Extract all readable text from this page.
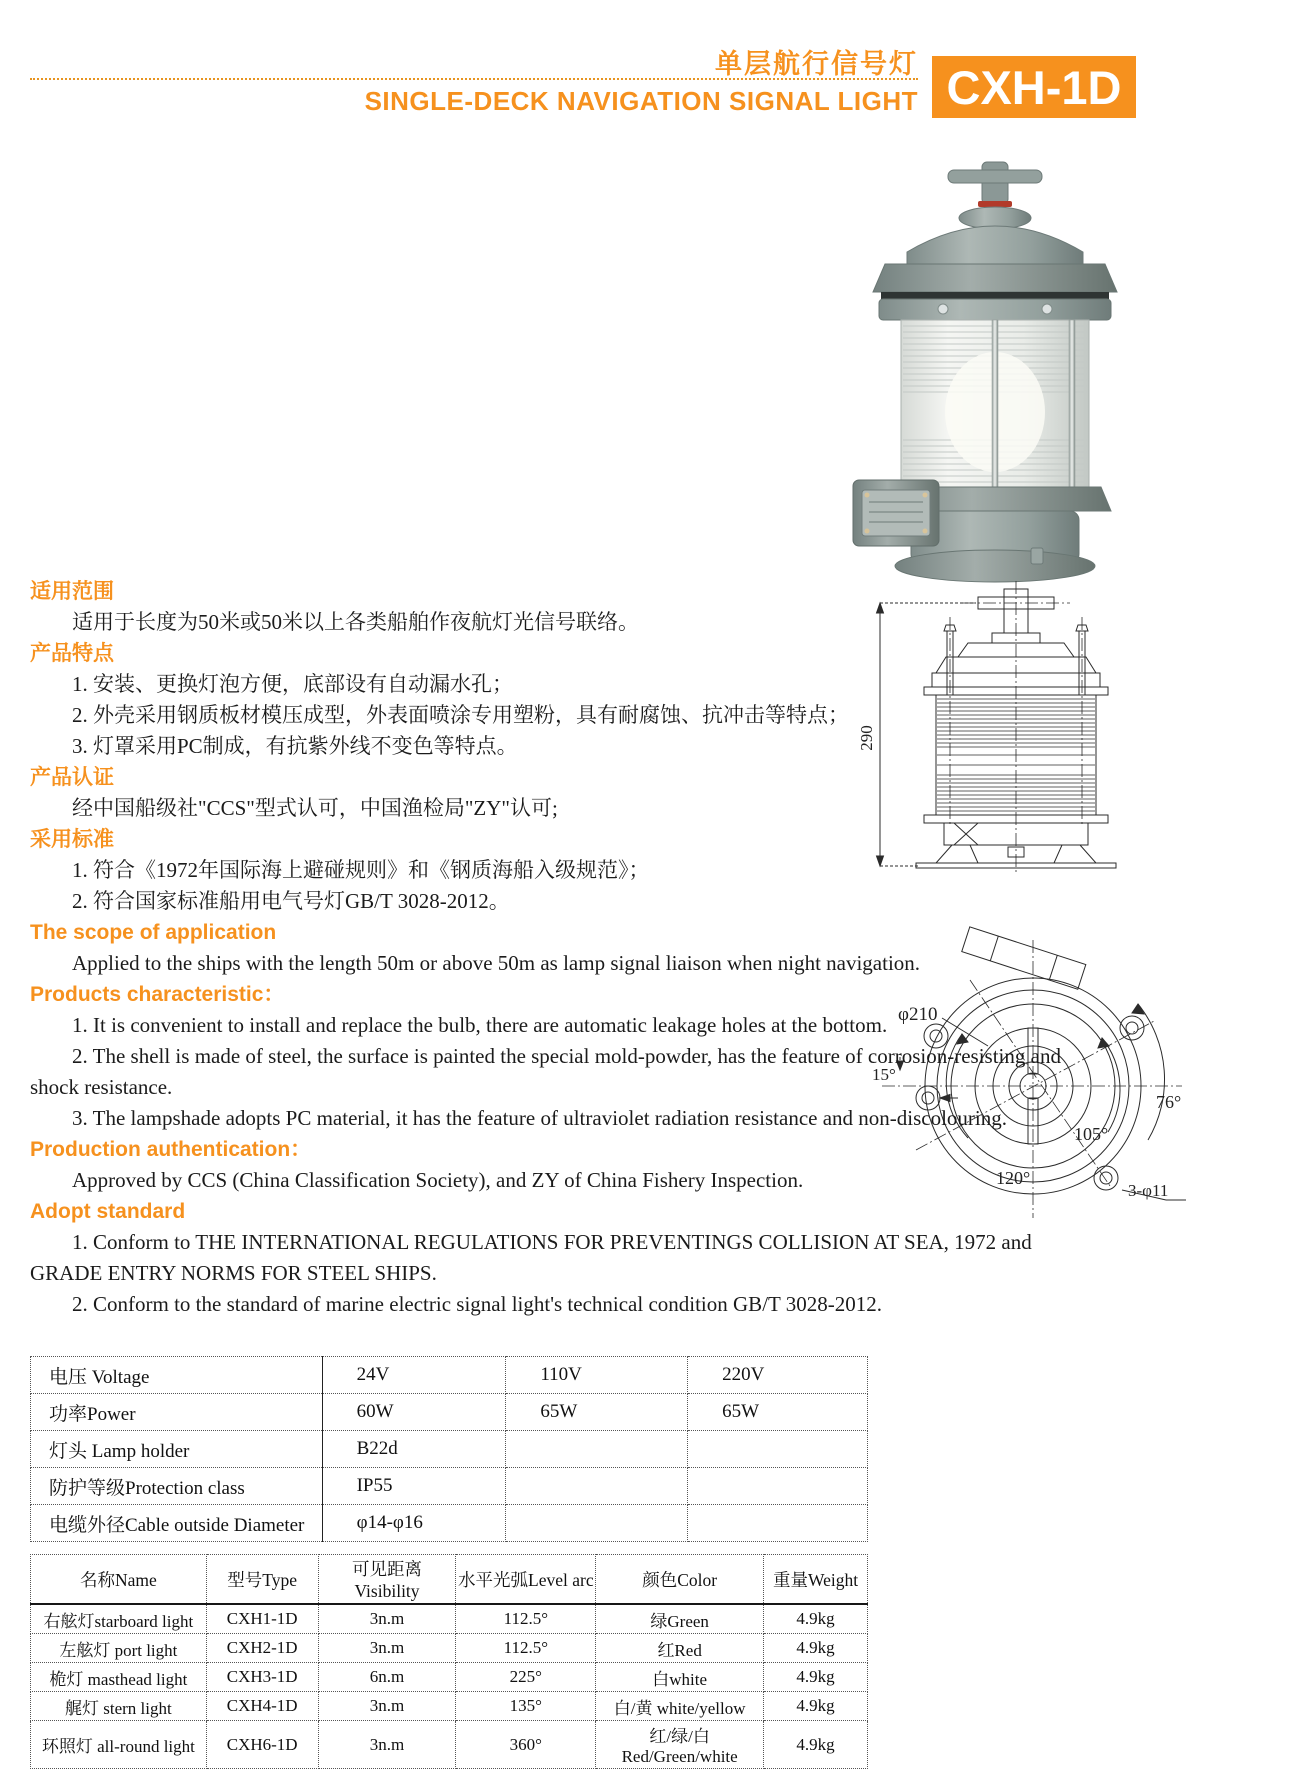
单层航行信号灯
SINGLE-DECK NAVIGATION SIGNAL LIGHT CXH-1D
290
φ210
15°
105°
76°
120°
3-φ11
适用范围

适用于长度为50米或50米以上各类船舶作夜航灯光信号联络。

产品特点

1. 安装、更换灯泡方便，底部设有自动漏水孔；

2. 外壳采用钢质板材模压成型，外表面喷涂专用塑粉，具有耐腐蚀、抗冲击等特点；

3. 灯罩采用PC制成，有抗紫外线不变色等特点。

产品认证

经中国船级社"CCS"型式认可，中国渔检局"ZY"认可;

采用标准

1. 符合《1972年国际海上避碰规则》和《钢质海船入级规范》；

2. 符合国家标准船用电气号灯GB/T 3028-2012。

The scope of application

Applied to the ships with the length 50m or above 50m as lamp signal liaison when night navigation.

Products characteristic：

1. It is convenient to install and replace the bulb, there are automatic leakage holes at the bottom.

2. The shell is made of steel, the surface is painted the special mold-powder, has the feature of corrosion-resisting and shock resistance.

3. The lampshade adopts PC material, it has the feature of ultraviolet radiation resistance and non-discolouring.

Production authentication：

Approved by CCS (China Classification Society), and ZY of China Fishery Inspection.

Adopt standard

1. Conform to THE INTERNATIONAL REGULATIONS FOR PREVENTINGS COLLISION AT SEA, 1972 and GRADE ENTRY NORMS FOR STEEL SHIPS.

2. Conform to the standard of marine electric signal light's technical condition GB/T 3028-2012.

电压 Voltage	24V	110V	220V
功率Power	60W	65W	65W
灯头 Lamp holder	B22d		
防护等级Protection class	IP55		
电缆外径Cable outside Diameter	φ14-φ16		
名称Name	型号Type	可见距离Visibility	水平光弧Level arc	颜色Color	重量Weight
右舷灯starboard light	CXH1-1D	3n.m	112.5°	绿Green	4.9kg
左舷灯 port light	CXH2-1D	3n.m	112.5°	红Red	4.9kg
桅灯 masthead light	CXH3-1D	6n.m	225°	白white	4.9kg
艉灯 stern light	CXH4-1D	3n.m	135°	白/黄 white/yellow	4.9kg
环照灯 all-round light	CXH6-1D	3n.m	360°	红/绿/白 Red/Green/white	4.9kg
